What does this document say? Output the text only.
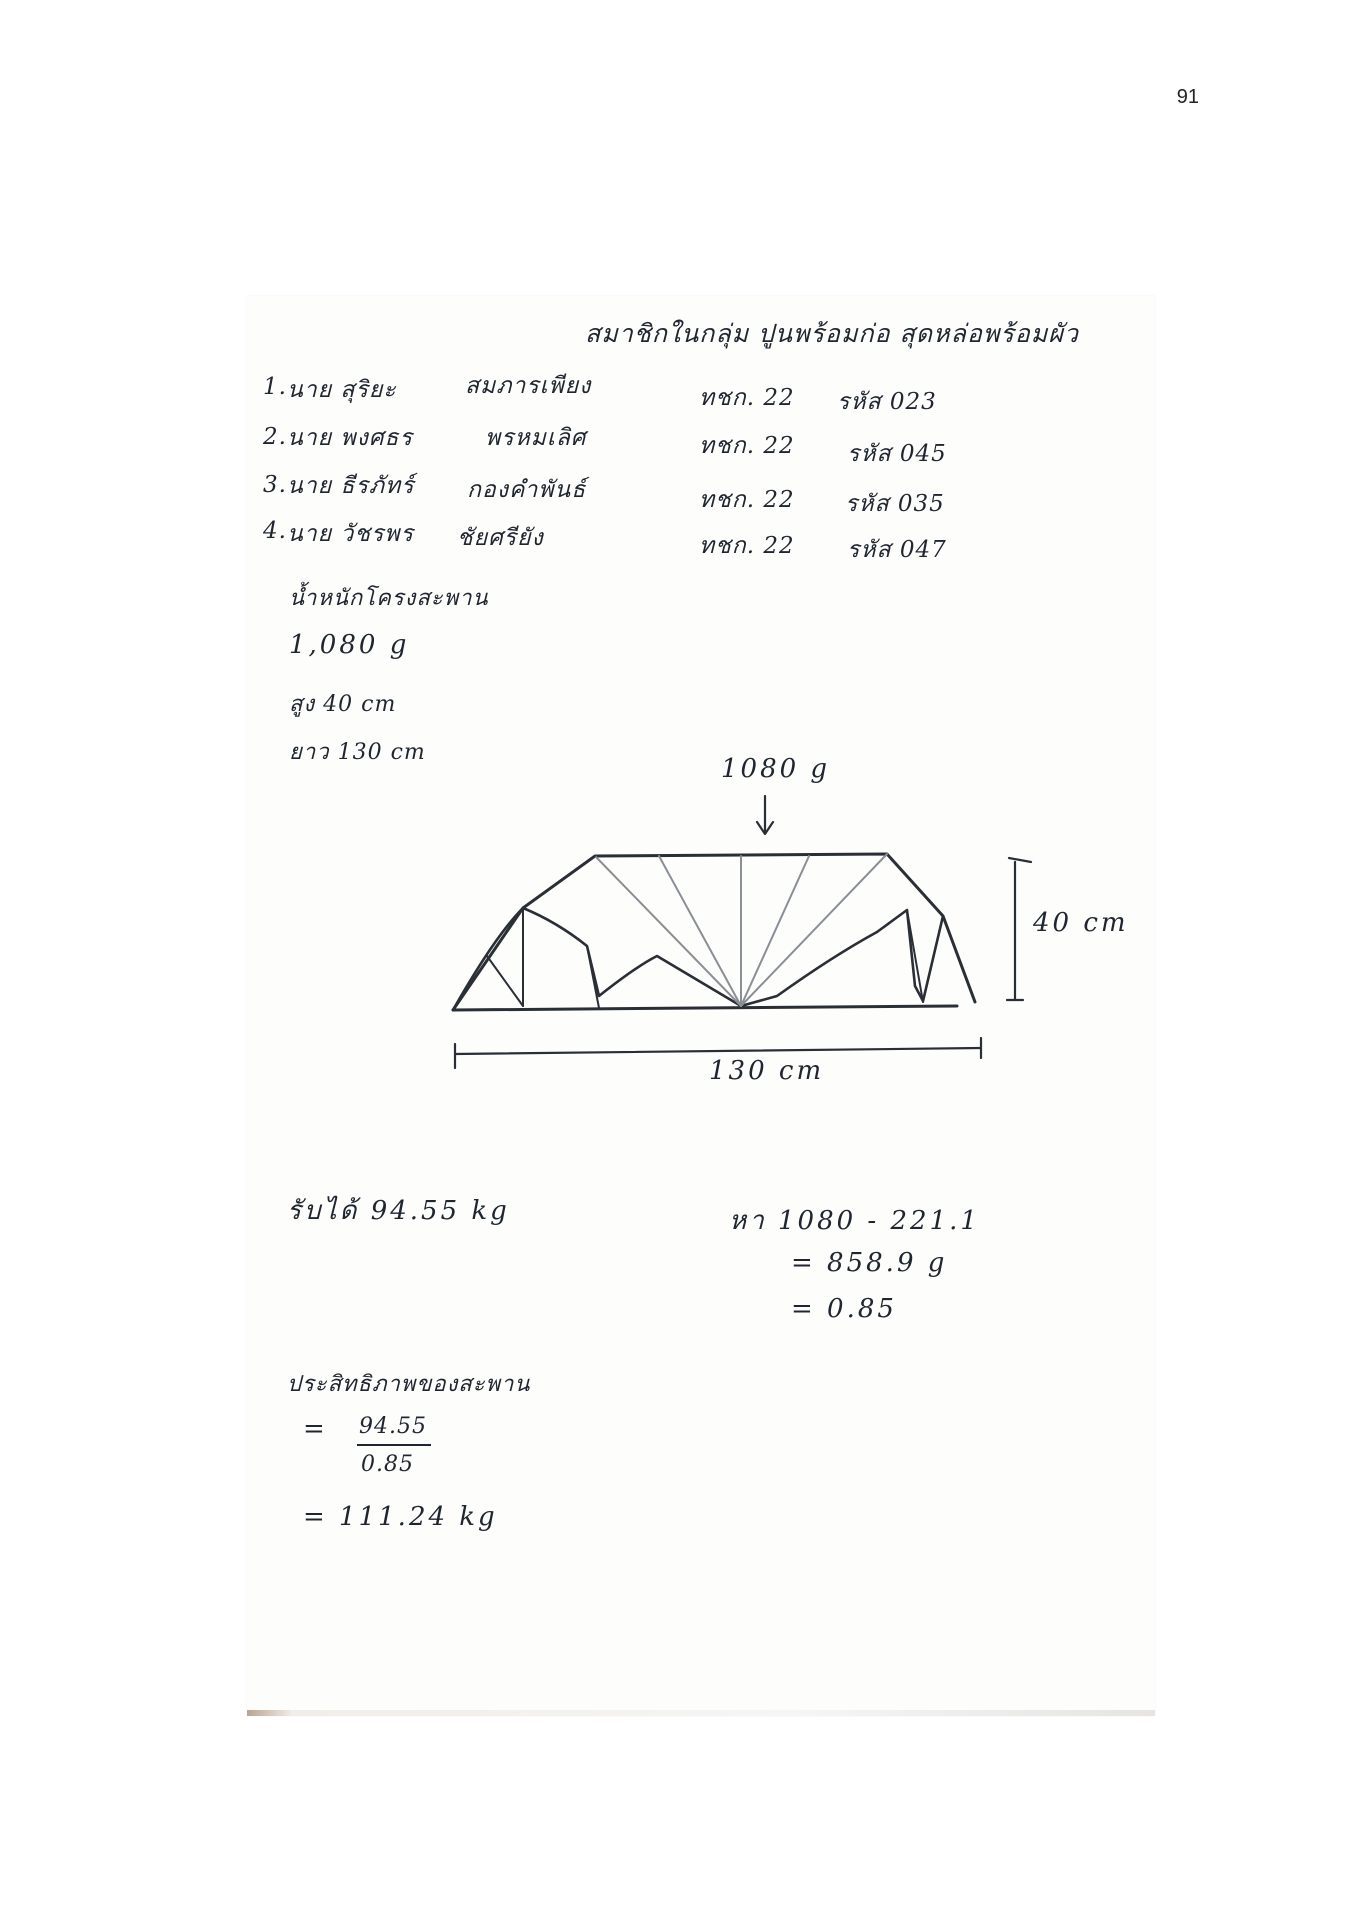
91
สมาชิกในกลุ่ม ปูนพร้อมก่อ สุดหล่อพร้อมผัว
1. นาย สุริยะ	สมภารเพียง	ทชก. 22 รหัส 023
2. นาย พงศธร	พรหมเลิศ	ทชก. 22 รหัส 045
3. นาย ธีรภัทร์ กองคำพันธ์	ทชก. 22 รหัส 035
4. นาย วัชรพร ชัยศรียัง	ทชก. 22 รหัส 047
น้ำหนักโครงสะพาน
1,080 g
สูง 40 cm
ยาว 130 cm
1080 g
40 cm
130 cm
รับได้ 94.55 kg	หา 1080 - 221.1
= 858.9 g
= 0.85
ประสิทธิภาพของสะพาน
= 94.55
0.85
= 111.24 kg
